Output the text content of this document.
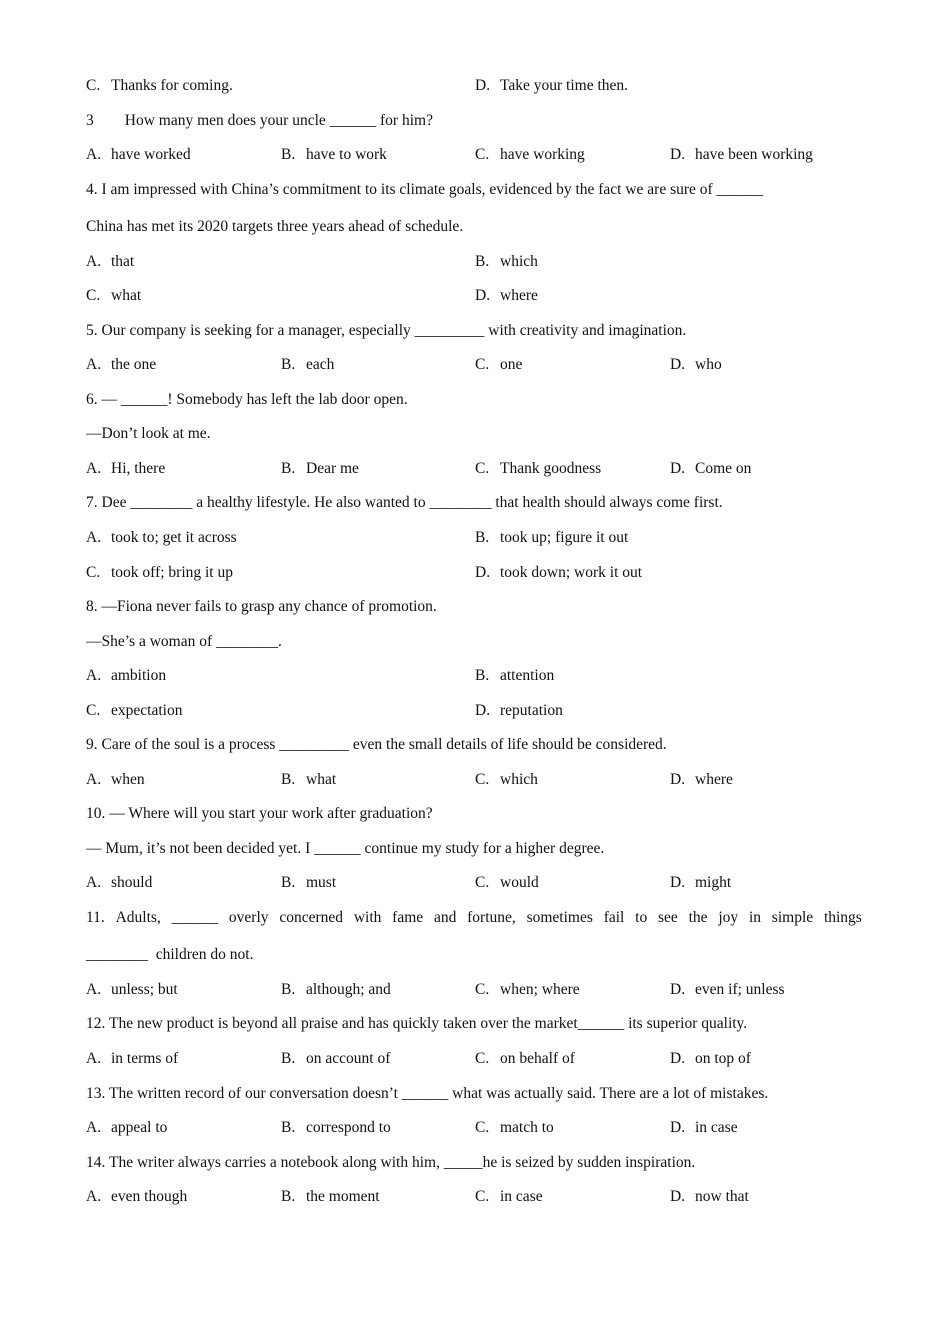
C. Thanks for coming.	D. Take your time then.
3        How many men does your uncle ______ for him?
A. have worked	B. have to work	C. have working	D. have been working
4. I am impressed with China’s commitment to its climate goals, evidenced by the fact we are sure of ______
China has met its 2020 targets three years ahead of schedule.
A. that	B. which
C. what	D. where
5. Our company is seeking for a manager, especially _________ with creativity and imagination.
A. the one	B. each	C. one	D. who
6. — ______! Somebody has left the lab door open.
—Don’t look at me.
A. Hi, there	B. Dear me	C. Thank goodness	D. Come on
7. Dee ________ a healthy lifestyle. He also wanted to ________ that health should always come first.
A. took to; get it across	B. took up; figure it out
C. took off; bring it up	D. took down; work it out
8. —Fiona never fails to grasp any chance of promotion.
—She’s a woman of ________.
A. ambition	B. attention
C. expectation	D. reputation
9. Care of the soul is a process _________ even the small details of life should be considered.
A. when	B. what	C. which	D. where
10. — Where will you start your work after graduation?
— Mum, it’s not been decided yet. I ______ continue my study for a higher degree.
A. should	B. must	C. would	D. might
11. Adults, ______ overly concerned with fame and fortune, sometimes fail to see the joy in simple things
________  children do not.
A. unless; but	B. although; and	C. when; where	D. even if; unless
12. The new product is beyond all praise and has quickly taken over the market______ its superior quality.
A. in terms of	B. on account of	C. on behalf of	D. on top of
13. The written record of our conversation doesn’t ______ what was actually said. There are a lot of mistakes.
A. appeal to	B. correspond to	C. match to	D. in case
14. The writer always carries a notebook along with him, _____he is seized by sudden inspiration.
A. even though	B. the moment	C. in case	D. now that
